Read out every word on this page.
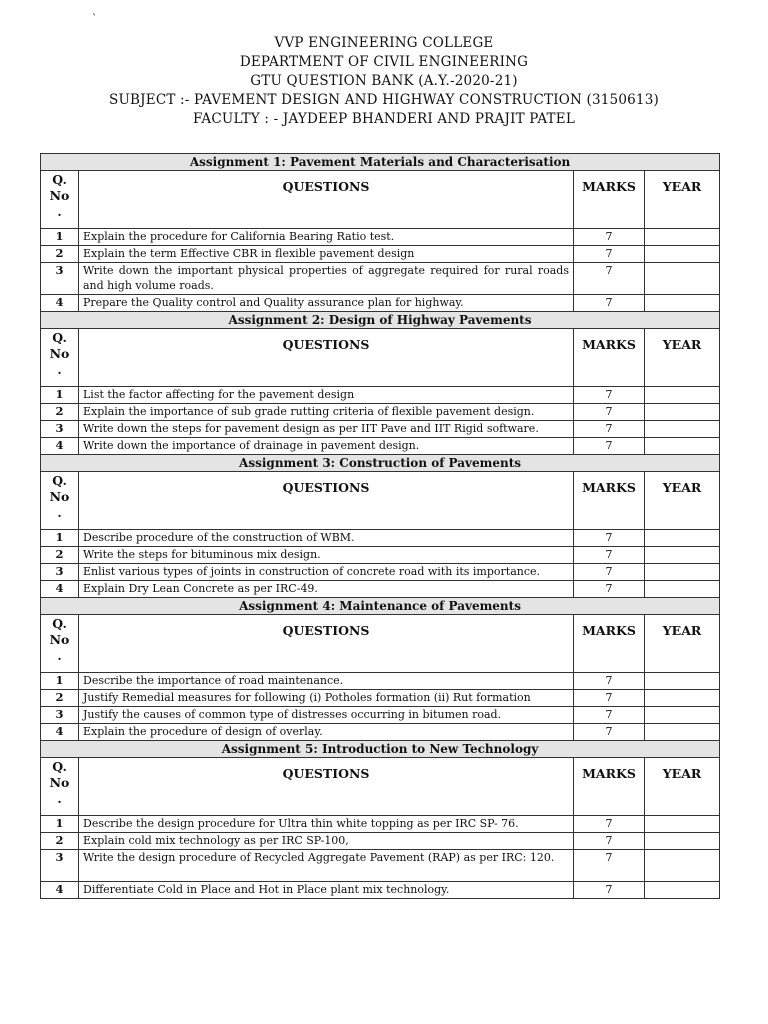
`
VVP ENGINEERING COLLEGE
DEPARTMENT OF CIVIL ENGINEERING
GTU QUESTION BANK (A.Y.-2020-21)
SUBJECT :- PAVEMENT DESIGN AND HIGHWAY CONSTRUCTION (3150613)
FACULTY : - JAYDEEP BHANDERI AND PRAJIT PATEL
Assignment 1: Pavement Materials and Characterisation			

Q.
No
.	QUESTIONS	MARKS	YEAR
1	Explain the procedure for California Bearing Ratio test.	7	
2	Explain the term Effective CBR in flexible pavement design	7	
3	Write down the important physical properties of aggregate required for rural roads and high volume roads.	7	
4	Prepare the Quality control and Quality assurance plan for highway.	7	
Assignment 2: Design of Highway Pavements			

Q.
No
.	QUESTIONS	MARKS	YEAR
1	List the factor affecting for the pavement design	7	
2	Explain the importance of sub grade rutting criteria of flexible pavement design.	7	
3	Write down the steps for pavement design as per IIT Pave and IIT Rigid software.	7	
4	Write down the importance of drainage in pavement design.	7	
Assignment 3: Construction of Pavements			

Q.
No
.	QUESTIONS	MARKS	YEAR
1	Describe procedure of the construction of WBM.	7	
2	Write the steps for bituminous mix design.	7	
3	Enlist various types of joints in construction of concrete road with its importance.	7	
4	Explain Dry Lean Concrete as per IRC-49.	7	
Assignment 4: Maintenance of Pavements			

Q.
No
.	QUESTIONS	MARKS	YEAR
1	Describe the importance of road maintenance.	7	
2	Justify Remedial measures for following (i) Potholes formation (ii) Rut formation	7	
3	Justify the causes of common type of distresses occurring in bitumen road.	7	
4	Explain the procedure of design of overlay.	7	
Assignment 5: Introduction to New Technology			

Q.
No
.	QUESTIONS	MARKS	YEAR
1	Describe the design procedure for Ultra thin white topping as per IRC SP- 76.	7	
2	Explain cold mix technology as per IRC SP-100,	7	
3	Write the design procedure of Recycled Aggregate Pavement (RAP) as per IRC: 120.	7	
4	Differentiate Cold in Place and Hot in Place plant mix technology.	7	
